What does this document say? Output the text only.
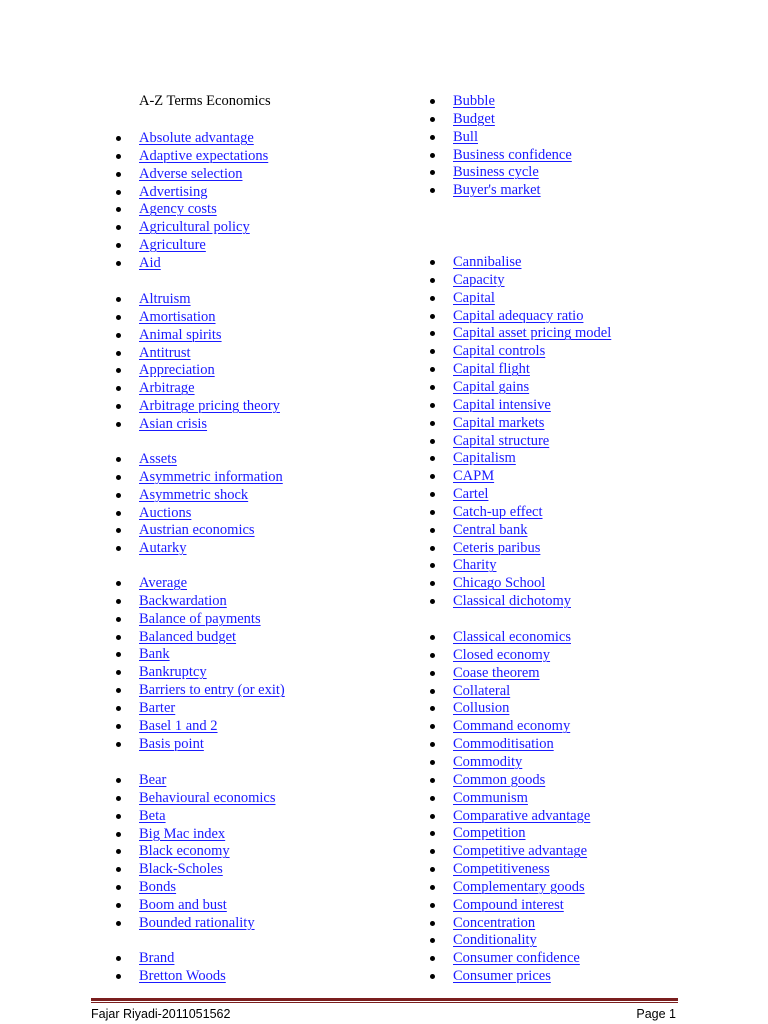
A-Z Terms Economics
Absolute advantage
Adaptive expectations
Adverse selection
Advertising
Agency costs
Agricultural policy
Agriculture
Aid
Altruism
Amortisation
Animal spirits
Antitrust
Appreciation
Arbitrage
Arbitrage pricing theory
Asian crisis
Assets
Asymmetric information
Asymmetric shock
Auctions
Austrian economics
Autarky
Average
Backwardation
Balance of payments
Balanced budget
Bank
Bankruptcy
Barriers to entry (or exit)
Barter
Basel 1 and 2
Basis point
Bear
Behavioural economics
Beta
Big Mac index
Black economy
Black-Scholes
Bonds
Boom and bust
Bounded rationality
Brand
Bretton Woods
Bubble
Budget
Bull
Business confidence
Business cycle
Buyer's market
Cannibalise
Capacity
Capital
Capital adequacy ratio
Capital asset pricing model
Capital controls
Capital flight
Capital gains
Capital intensive
Capital markets
Capital structure
Capitalism
CAPM
Cartel
Catch-up effect
Central bank
Ceteris paribus
Charity
Chicago School
Classical dichotomy
Classical economics
Closed economy
Coase theorem
Collateral
Collusion
Command economy
Commoditisation
Commodity
Common goods
Communism
Comparative advantage
Competition
Competitive advantage
Competitiveness
Complementary goods
Compound interest
Concentration
Conditionality
Consumer confidence
Consumer prices
Fajar Riyadi-2011051562	Page 1
